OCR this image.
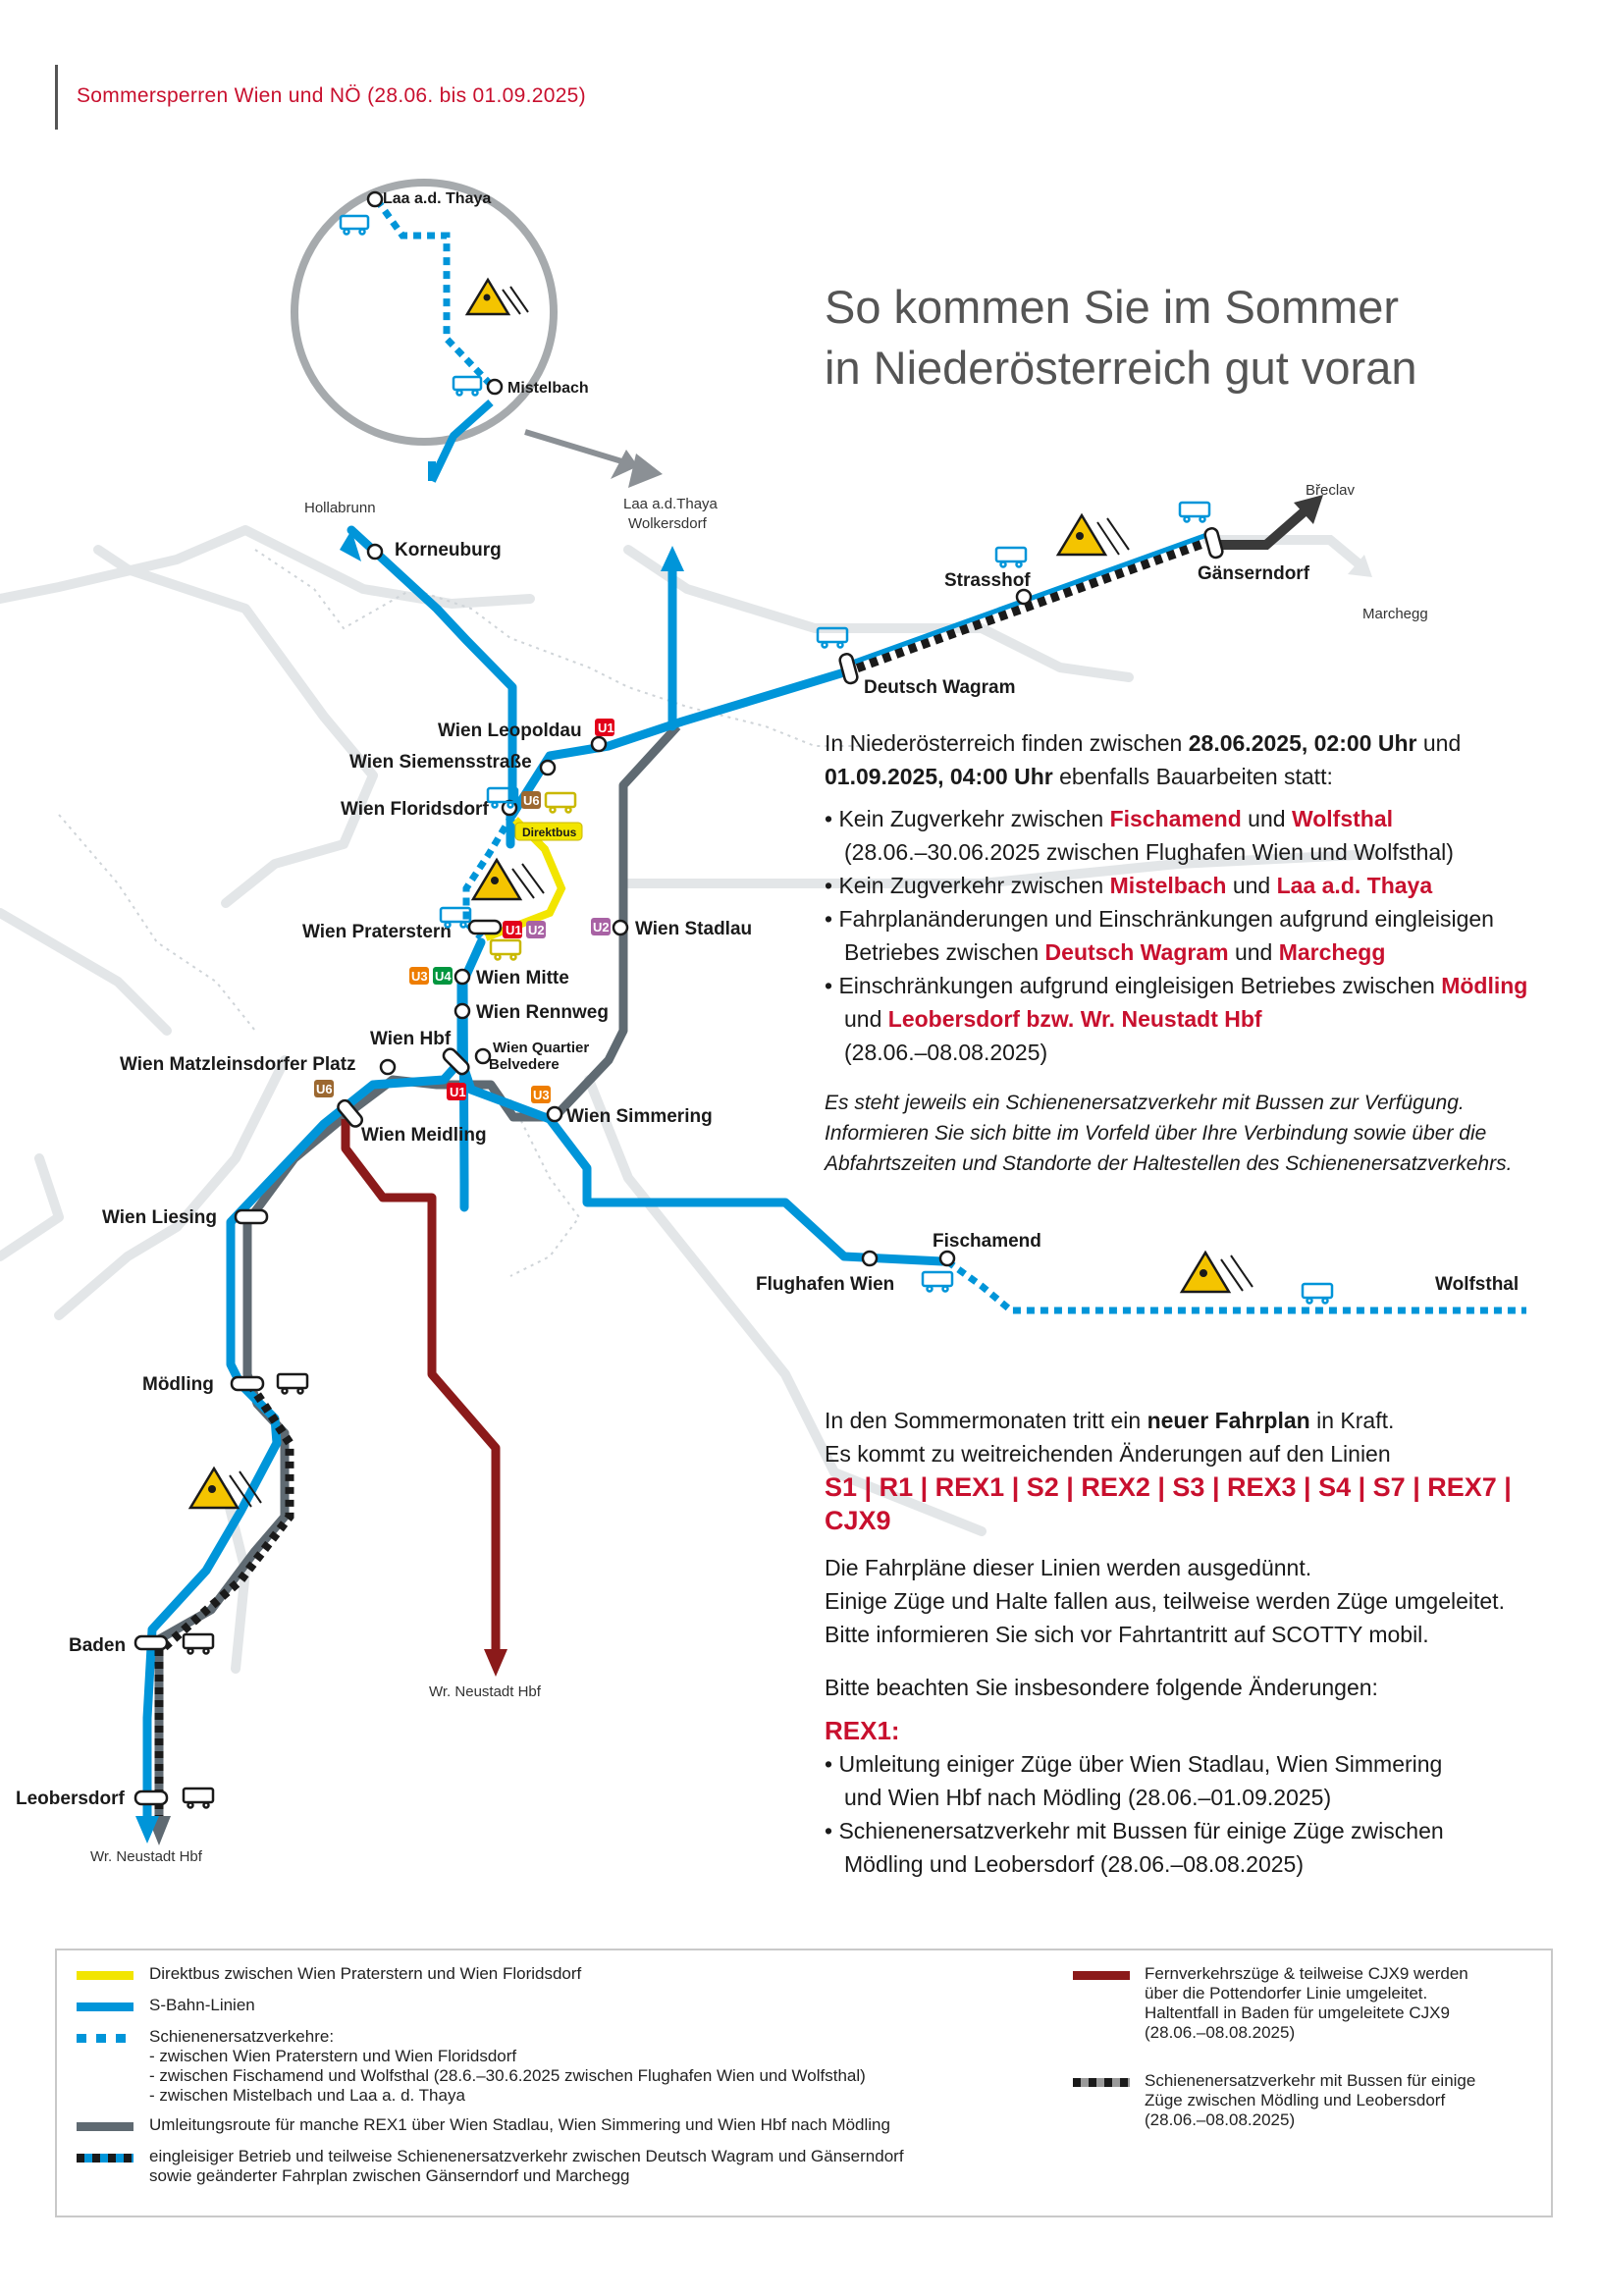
Sommersperren Wien und NÖ (28.06. bis 01.09.2025)
Laa a.d. Thaya
Mistelbach
Hollabrunn	Laa a.d.Thaya
Wolkersdorf
Korneuburg
Strasshof	Gänserndorf
Břeclav
Marchegg
Deutsch Wagram
Wien Leopoldau
Wien Siemensstraße
Wien Floridsdorf
Direktbus
Wien Praterstern	Wien Stadlau
Wien Mitte
Wien Rennweg
Wien Hbf
Wien Matzleinsdorfer Platz
Wien Quartier
Belvedere
Wien Meidling
Wien Simmering
Wien Liesing
Fischamend
Flughafen Wien	Wolfsthal
Mödling
Baden
Leobersdorf
Wr. Neustadt Hbf
Wr. Neustadt Hbf
U1
U6
U1 U2	U2
U3 U4
U6	U1	U3
So kommen Sie im Sommer
in Niederösterreich gut voran
In Niederösterreich finden zwischen 28.06.2025, 02:00 Uhr und 01.09.2025, 04:00 Uhr ebenfalls Bauarbeiten statt:

• Kein Zugverkehr zwischen Fischamend und Wolfsthal
(28.06.–30.06.2025 zwischen Flughafen Wien und Wolfsthal)

• Kein Zugverkehr zwischen Mistelbach und Laa a.d. Thaya

• Fahrplanänderungen und Einschränkungen aufgrund eingleisigen Betriebes zwischen Deutsch Wagram und Marchegg

• Einschränkungen aufgrund eingleisigen Betriebes zwischen Mödling und Leobersdorf bzw. Wr. Neustadt Hbf
(28.06.–08.08.2025)

Es steht jeweils ein Schienenersatzverkehr mit Bussen zur Verfügung. Informieren Sie sich bitte im Vorfeld über Ihre Verbindung sowie über die Abfahrtszeiten und Standorte der Haltestellen des Schienenersatzverkehrs.
In den Sommermonaten tritt ein neuer Fahrplan in Kraft.
Es kommt zu weitreichenden Änderungen auf den Linien
S1 | R1 | REX1 | S2 | REX2 | S3 | REX3 | S4 | S7 | REX7 | CJX9
Die Fahrpläne dieser Linien werden ausgedünnt.
Einige Züge und Halte fallen aus, teilweise werden Züge umgeleitet.
Bitte informieren Sie sich vor Fahrtantritt auf SCOTTY mobil.
Bitte beachten Sie insbesondere folgende Änderungen:
REX1:

• Umleitung einiger Züge über Wien Stadlau, Wien Simmering und Wien Hbf nach Mödling (28.06.–01.09.2025)

• Schienenersatzverkehr mit Bussen für einige Züge zwischen Mödling und Leobersdorf (28.06.–08.08.2025)

Direktbus zwischen Wien Praterstern und Wien Floridsdorf
S-Bahn-Linien
Schienenersatzverkehre:
- zwischen Wien Praterstern und Wien Floridsdorf
- zwischen Fischamend und Wolfsthal (28.6.–30.6.2025 zwischen Flughafen Wien und Wolfsthal)
- zwischen Mistelbach und Laa a. d. Thaya
Umleitungsroute für manche REX1 über Wien Stadlau, Wien Simmering und Wien Hbf nach Mödling
eingleisiger Betrieb und teilweise Schienenersatzverkehr zwischen Deutsch Wagram und Gänserndorf
sowie geänderter Fahrplan zwischen Gänserndorf und Marchegg
Fernverkehrszüge & teilweise CJX9 werden
über die Pottendorfer Linie umgeleitet.
Haltentfall in Baden für umgeleitete CJX9
(28.06.–08.08.2025)
Schienenersatzverkehr mit Bussen für einige
Züge zwischen Mödling und Leobersdorf
(28.06.–08.08.2025)
